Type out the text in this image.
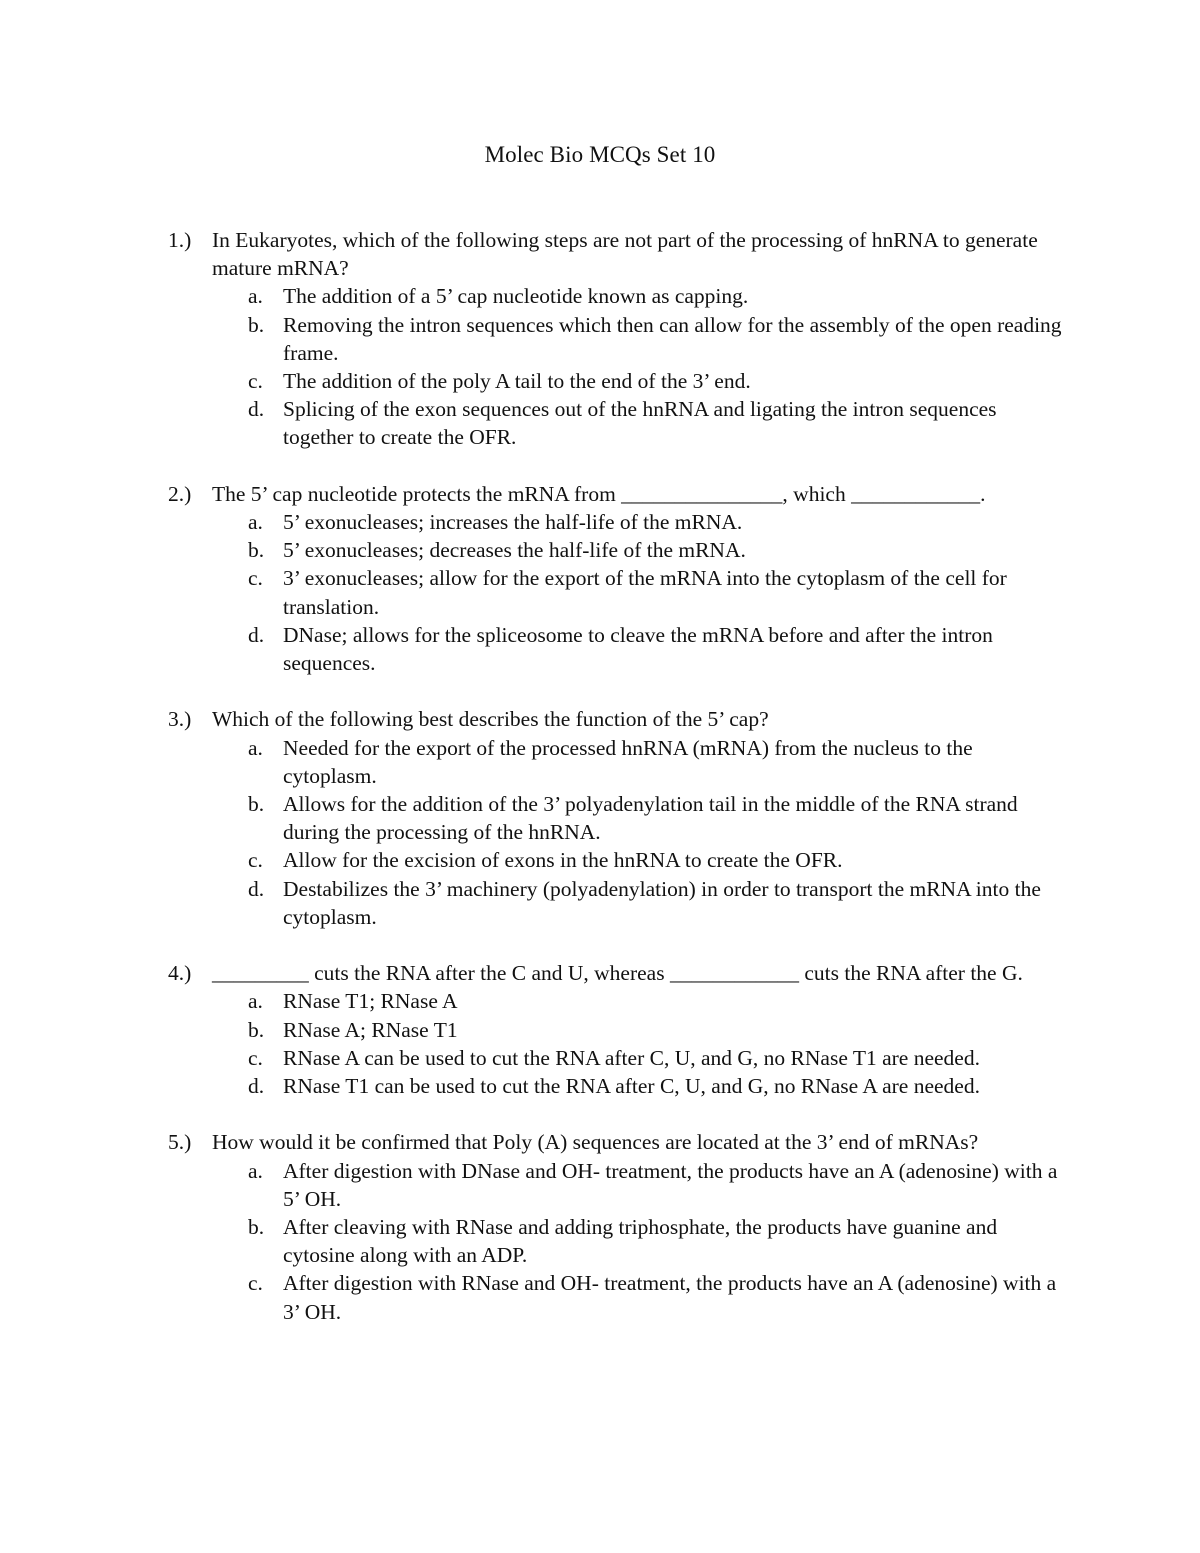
Molec Bio MCQs Set 10
1.) In Eukaryotes, which of the following steps are not part of the processing of hnRNA to generate mature mRNA?
a. The addition of a 5’ cap nucleotide known as capping.
b. Removing the intron sequences which then can allow for the assembly of the open reading frame.
c. The addition of the poly A tail to the end of the 3’ end.
d. Splicing of the exon sequences out of the hnRNA and ligating the intron sequences together to create the OFR.
2.) The 5’ cap nucleotide protects the mRNA from _______________, which ____________.
a. 5’ exonucleases; increases the half-life of the mRNA.
b. 5’ exonucleases; decreases the half-life of the mRNA.
c. 3’ exonucleases; allow for the export of the mRNA into the cytoplasm of the cell for translation.
d. DNase; allows for the spliceosome to cleave the mRNA before and after the intron sequences.
3.) Which of the following best describes the function of the 5’ cap?
a. Needed for the export of the processed hnRNA (mRNA) from the nucleus to the cytoplasm.
b. Allows for the addition of the 3’ polyadenylation tail in the middle of the RNA strand during the processing of the hnRNA.
c. Allow for the excision of exons in the hnRNA to create the OFR.
d. Destabilizes the 3’ machinery (polyadenylation) in order to transport the mRNA into the cytoplasm.
4.) _________ cuts the RNA after the C and U, whereas ____________ cuts the RNA after the G.
a. RNase T1; RNase A
b. RNase A; RNase T1
c. RNase A can be used to cut the RNA after C, U, and G, no RNase T1 are needed.
d. RNase T1 can be used to cut the RNA after C, U, and G, no RNase A are needed.
5.) How would it be confirmed that Poly (A) sequences are located at the 3’ end of mRNAs?
a. After digestion with DNase and OH- treatment, the products have an A (adenosine) with a 5’ OH.
b. After cleaving with RNase and adding triphosphate, the products have guanine and cytosine along with an ADP.
c. After digestion with RNase and OH- treatment, the products have an A (adenosine) with a 3’ OH.
